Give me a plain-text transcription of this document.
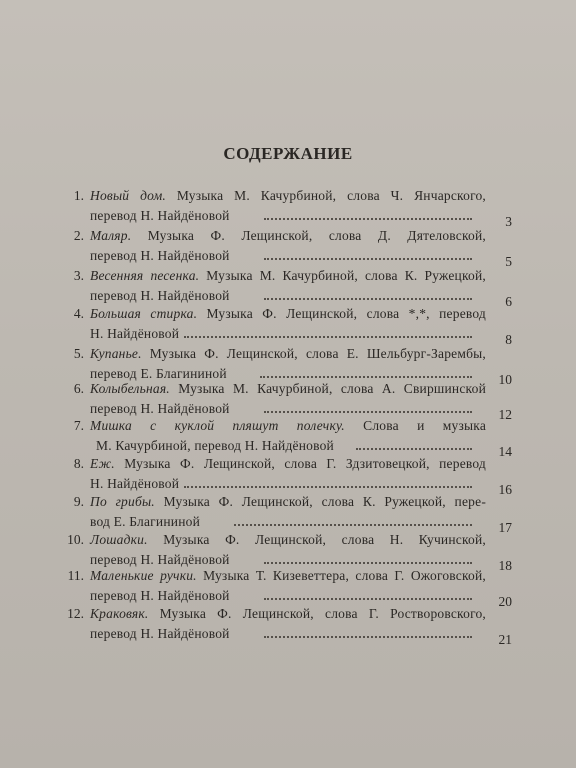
СОДЕРЖАНИЕ
1. Новый дом. Музыка М. Качурбиной, слова Ч. Янчарского,
перевод Н. Найдёновой	3
2. Маляр. Музыка Ф. Лещинской, слова Д. Дятеловской,
перевод Н. Найдёновой	5
3. Весенняя песенка. Музыка М. Качурбиной, слова К. Ружецкой,
перевод Н. Найдёновой	6
4. Большая стирка. Музыка Ф. Лещинской, слова *,*, перевод
Н. Найдёновой	8
5. Купанье. Музыка Ф. Лещинской, слова Е. Шельбург-Зарембы,
перевод Е. Благининой	10
6. Колыбельная. Музыка М. Качурбиной, слова А. Свиршинской
перевод Н. Найдёновой	12
7. Мишка с куклой пляшут полечку. Слова и музыка
М. Качурбиной, перевод Н. Найдёновой	14
8. Еж. Музыка Ф. Лещинской, слова Г. Здзитовецкой, перевод
Н. Найдёновой	16
9. По грибы. Музыка Ф. Лещинской, слова К. Ружецкой, пере-
вод Е. Благининой	17
10. Лошадки. Музыка Ф. Лещинской, слова Н. Кучинской,
перевод Н. Найдёновой	18
11. Маленькие ручки. Музыка Т. Кизеветтера, слова Г. Ожоговской,
перевод Н. Найдёновой	20
12. Краковяк. Музыка Ф. Лещинской, слова Г. Ростворовского,
перевод Н. Найдёновой	21
